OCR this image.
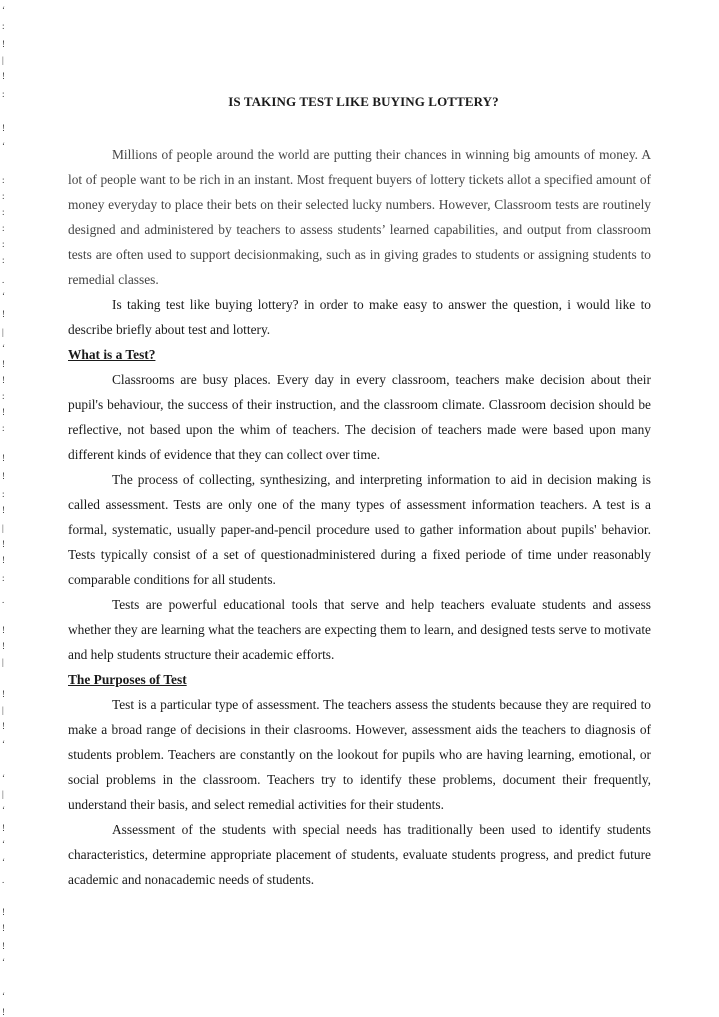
‘
:
!
|
!
:
!
‘
:
:
:
:
:
:
.
‘
!
|
‘
!
!
:
!
:
!
!
:
!
|
!
!
:
.
!
!
|
!
|
!
‘
‘
|
‘
!
‘
‘
.
!
!
!
‘
‘
!
IS TAKING TEST LIKE BUYING LOTTERY?

Millions of people around the world are putting their chances in winning big amounts of money. A lot of people want to be rich in an instant. Most frequent buyers of lottery tickets allot a specified amount of money everyday to place their bets on their selected lucky numbers. However, Classroom tests are routinely designed and administered by teachers to assess students’ learned capabilities, and output from classroom tests are often used to support decisionmaking, such as in giving grades to students or assigning students to remedial classes.

Is taking test like buying lottery? in order to make easy to answer the question, i would like to describe briefly about test and lottery.

What is a Test?

Classrooms are busy places. Every day in every classroom, teachers make decision about their pupil's behaviour, the success of their instruction, and the classroom climate. Classroom decision should be reflective, not based upon the whim of teachers. The decision of teachers made were based upon many different kinds of evidence that they can collect over time.

The process of collecting, synthesizing, and interpreting information to aid in decision making is called assessment. Tests are only one of the many types of assessment information teachers. A test is a formal, systematic, usually paper-and-pencil procedure used to gather information about pupils' behavior. Tests typically consist of a set of questionadministered during a fixed periode of time under reasonably comparable conditions for all students.

Tests are powerful educational tools that serve and help teachers evaluate students and assess whether they are learning what the teachers are expecting them to learn, and designed tests serve to motivate and help students structure their academic efforts.

The Purposes of Test

Test is a particular type of assessment. The teachers assess the students because they are required to make a broad range of decisions in their clasrooms. However, assessment aids the teachers to diagnosis of students problem. Teachers are constantly on the lookout for pupils who are having learning, emotional, or social problems in the classroom. Teachers try to identify these problems, document their frequently, understand their basis, and select remedial activities for their students.

Assessment of the students with special needs has traditionally been used to identify students characteristics, determine appropriate placement of students, evaluate students progress, and predict future academic and nonacademic needs of students.
